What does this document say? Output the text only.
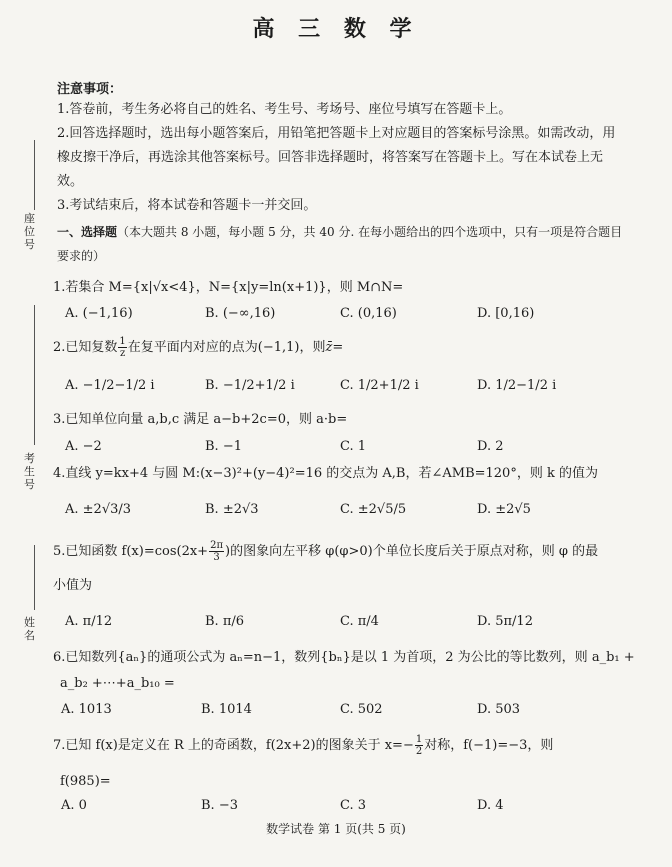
高 三 数 学
座位号
考生号
姓名
注意事项：
1.答卷前，考生务必将自己的姓名、考生号、考场号、座位号填写在答题卡上。
2.回答选择题时，选出每小题答案后，用铅笔把答题卡上对应题目的答案标号涂黑。如需改动，用橡皮擦干净后，再选涂其他答案标号。回答非选择题时，将答案写在答题卡上。写在本试卷上无效。
3.考试结束后，将本试卷和答题卡一并交回。
一、选择题（本大题共 8 小题，每小题 5 分，共 40 分. 在每小题给出的四个选项中，只有一项是符合题目要求的）
1.若集合 M={x|√x<4}，N={x|y=ln(x+1)}，则 M∩N=
A. (−1,16)	B. (−∞,16)	C. (0,16)	D. [0,16)
2.已知复数 $\frac{1}{z}$ 在复平面内对应的点为(−1,1)，则z̄=
A. −1/2−1/2 i	B. −1/2+1/2 i	C. 1/2+1/2 i	D. 1/2−1/2 i
3.已知单位向量 a,b,c 满足 a−b+2c=0，则 a·b=
A. −2	B. −1	C. 1	D. 2
4.直线 y=kx+4 与圆 M:(x−3)²+(y−4)²=16 的交点为 A,B，若∠AMB=120°，则 k 的值为
A. ±2√3/3	B. ±2√3	C. ±2√5/5	D. ±2√5
5.已知函数 $f(x)=\cos(2x+ \frac{2\pi}{3}$ )的图象向左平移 φ(φ>0)个单位长度后关于原点对称，则 φ 的最
小值为
A. π/12	B. π/6	C. π/4	D. 5π/12
6.已知数列{aₙ}的通项公式为 aₙ=n−1，数列{bₙ}是以 1 为首项，2 为公比的等比数列，则 a_b₁ +
a_b₂ +⋯+a_b₁₀ =
A. 1013	B. 1014	C. 502	D. 503
7.已知 f(x)是定义在 R 上的奇函数，f(2x+2)的图象关于 $x=- \frac{1}{2}$ 对称，f(−1)=−3，则
f(985)=
A. 0	B. −3	C. 3	D. 4
数学试卷 第 1 页(共 5 页)
